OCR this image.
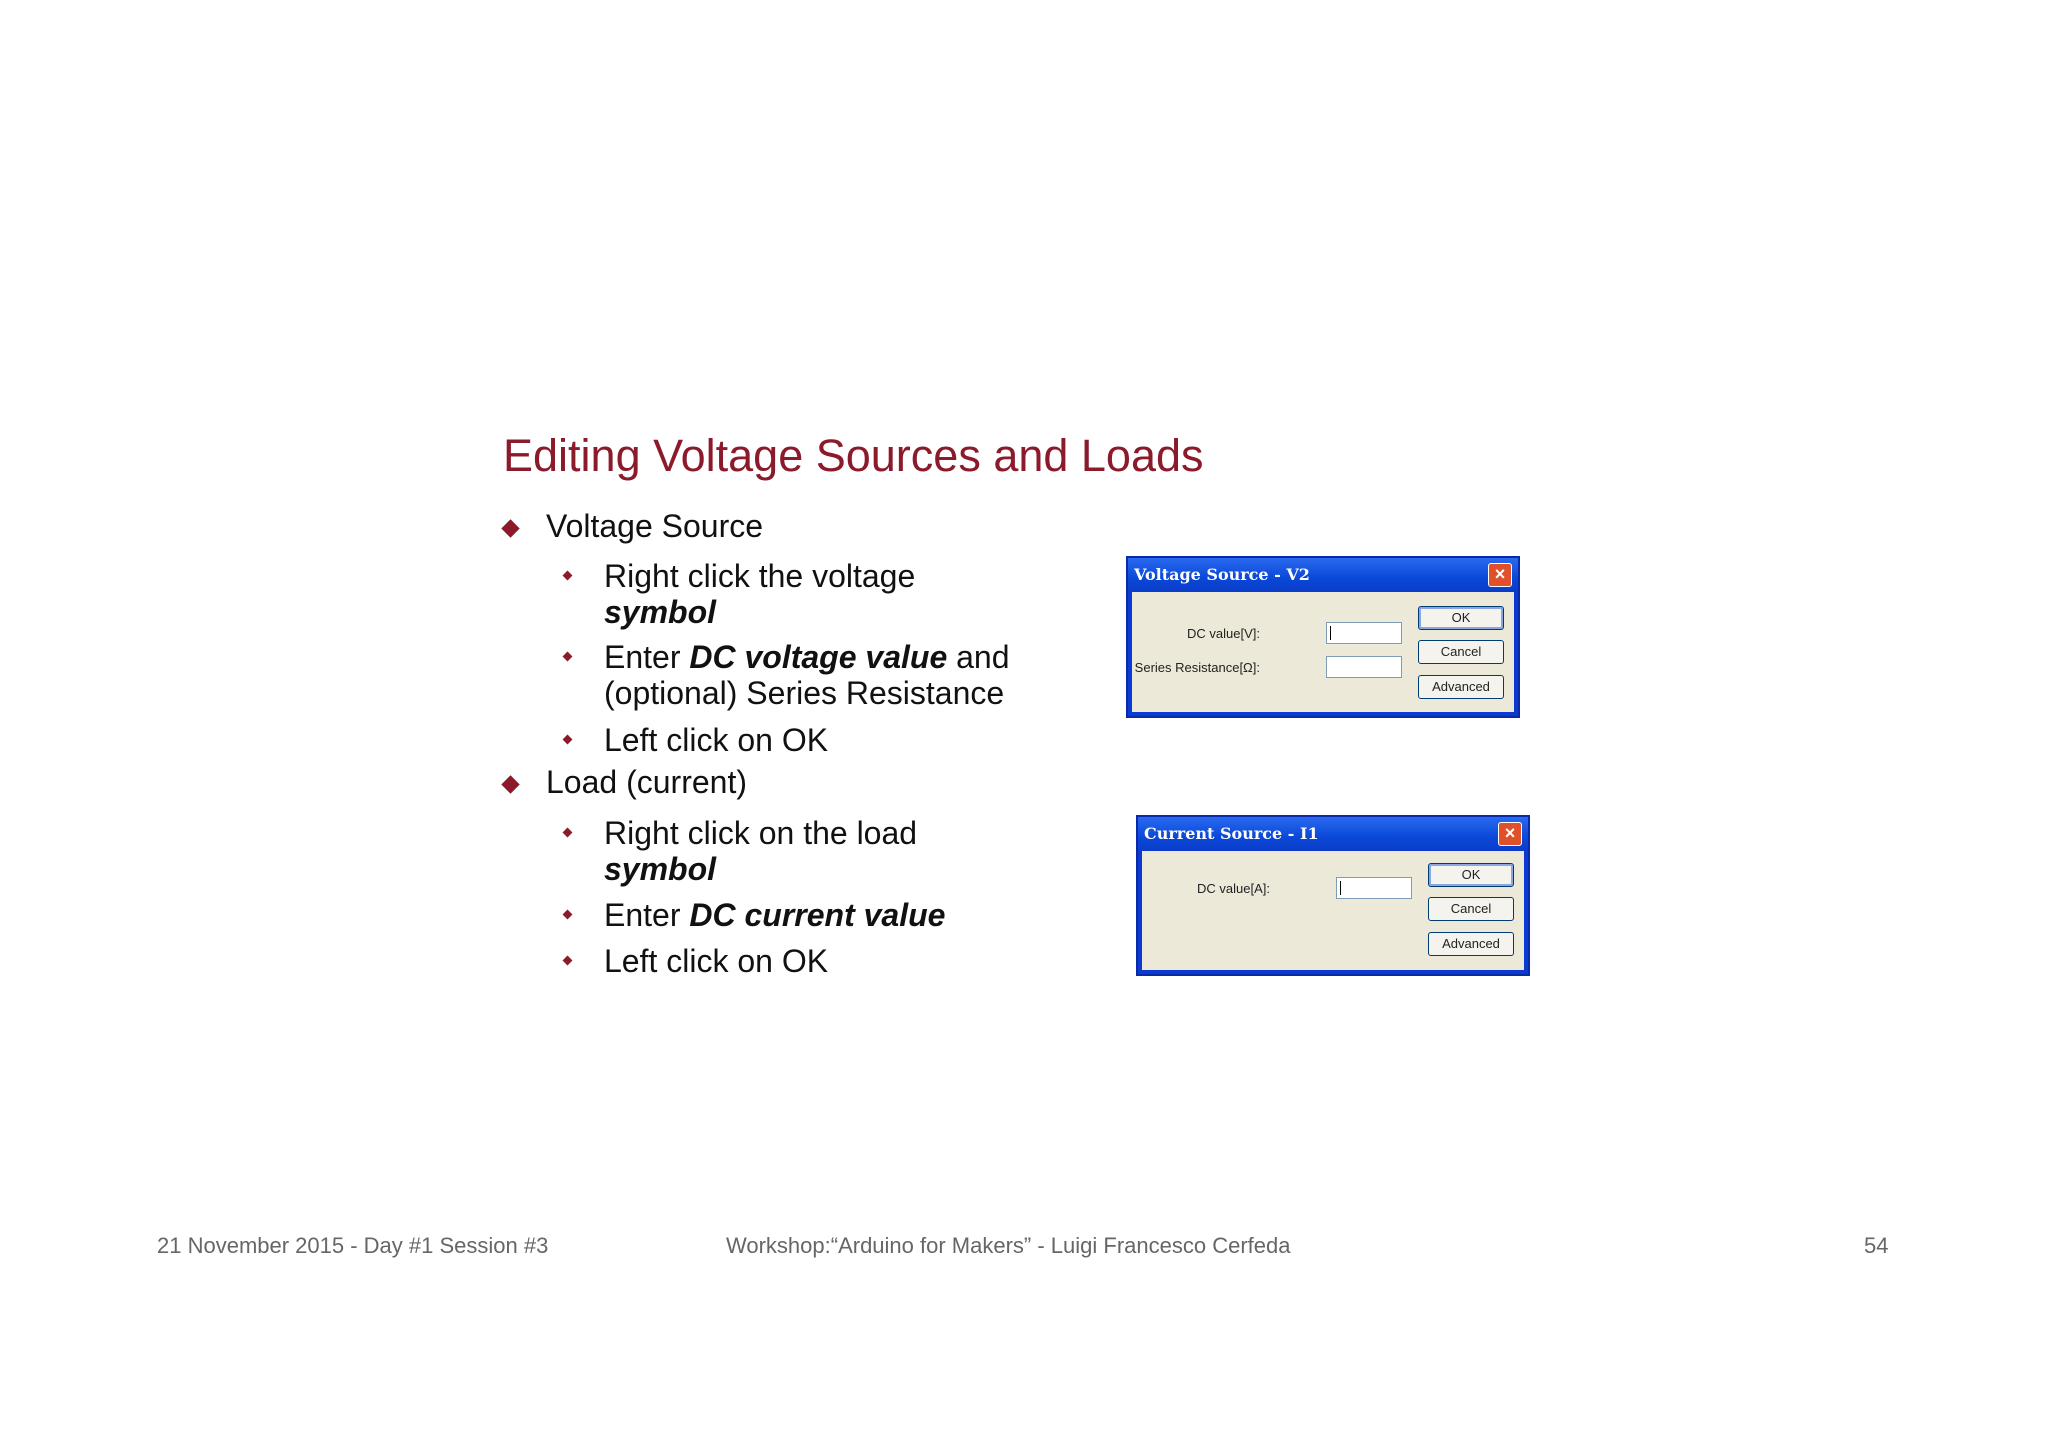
Editing Voltage Sources and Loads
Voltage Source
Right click the voltage
symbol
Enter DC voltage value and
(optional) Series Resistance
Left click on OK
Load (current)
Right click on the load
symbol
Enter DC current value
Left click on OK
Voltage Source - V2	×
DC value[V]:
Series Resistance[Ω]:
OK
Cancel
Advanced
Current Source - I1	×
DC value[A]:
OK
Cancel
Advanced
21 November 2015 - Day #1 Session #3	Workshop:“Arduino for Makers” - Luigi Francesco Cerfeda	54
